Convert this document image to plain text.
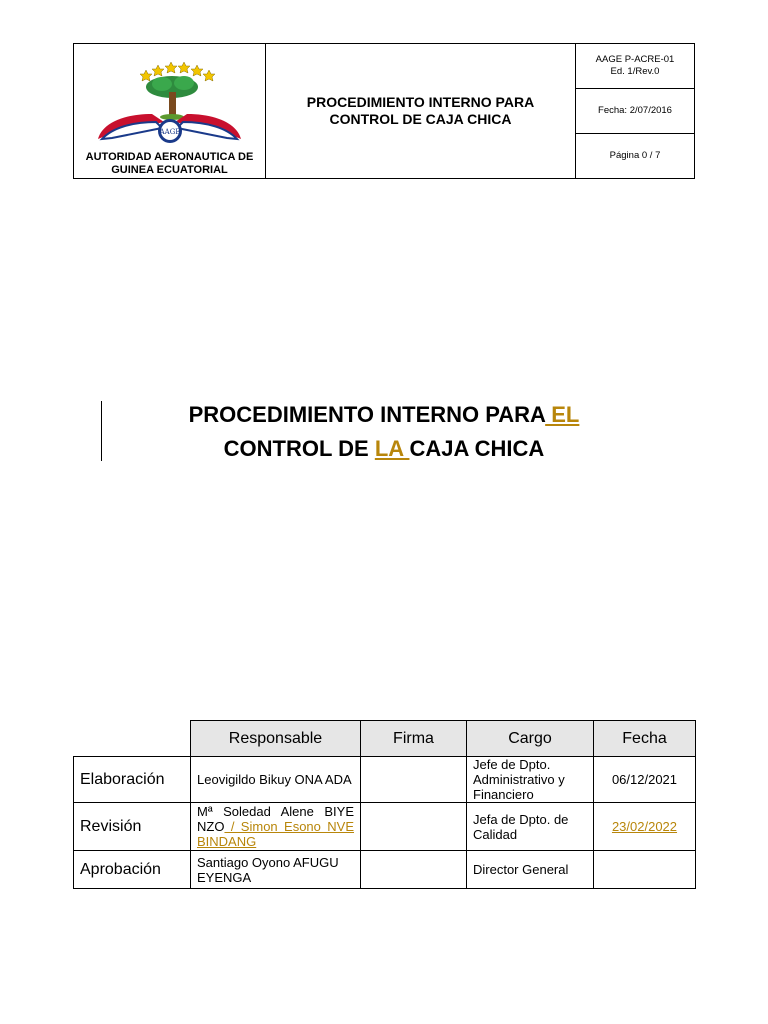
AAGE
AUTORIDAD AERONAUTICA DE
GUINEA ECUATORIAL
	PROCEDIMIENTO INTERNO PARA
CONTROL DE CAJA CHICA	AAGE P-ACRE-01
Ed. 1/Rev.0
Fecha: 2/07/2016
Página 0 / 7
PROCEDIMIENTO INTERNO PARA EL
CONTROL DE LA CAJA CHICA
	Responsable	Firma	Cargo	Fecha
Elaboración	Leovigildo Bikuy ONA ADA		Jefe de Dpto. Administrativo y Financiero	06/12/2021
Revisión	Mª Soledad Alene BIYE NZO / Simon Esono NVE BINDANG		Jefa de Dpto. de Calidad	23/02/2022
Aprobación	Santiago Oyono AFUGU EYENGA		Director General	
